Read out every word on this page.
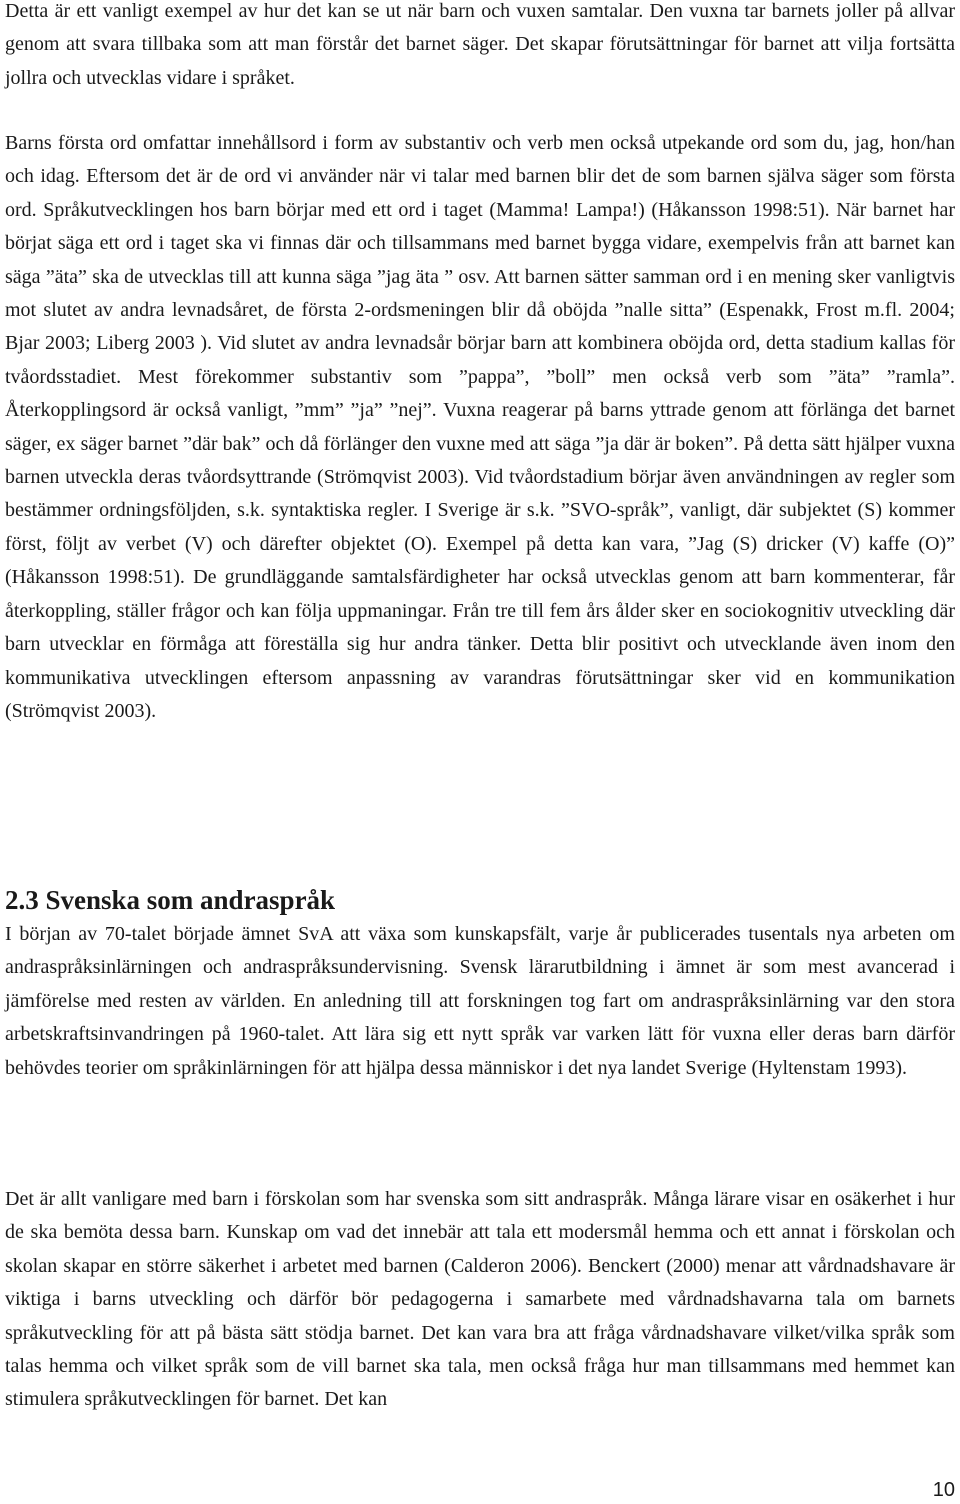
Detta är ett vanligt exempel av hur det kan se ut när barn och vuxen samtalar. Den vuxna tar barnets joller på allvar genom att svara tillbaka som att man förstår det barnet säger. Det skapar förutsättningar för barnet att vilja fortsätta jollra och utvecklas vidare i språket.

Barns första ord omfattar innehållsord i form av substantiv och verb men också utpekande ord som du, jag, hon/han och idag. Eftersom det är de ord vi använder när vi talar med barnen blir det de som barnen själva säger som första ord. Språkutvecklingen hos barn börjar med ett ord i taget (Mamma! Lampa!) (Håkansson 1998:51). När barnet har börjat säga ett ord i taget ska vi finnas där och tillsammans med barnet bygga vidare, exempelvis från att barnet kan säga ”äta” ska de utvecklas till att kunna säga ”jag äta ” osv. Att barnen sätter samman ord i en mening sker vanligtvis mot slutet av andra levnadsåret, de första 2-ordsmeningen blir då oböjda ”nalle sitta” (Espenakk, Frost m.fl. 2004; Bjar 2003; Liberg 2003 ). Vid slutet av andra levnadsår börjar barn att kombinera oböjda ord, detta stadium kallas för tvåordsstadiet. Mest förekommer substantiv som ”pappa”, ”boll” men också verb som ”äta” ”ramla”. Återkopplingsord är också vanligt, ”mm” ”ja” ”nej”. Vuxna reagerar på barns yttrade genom att förlänga det barnet säger, ex säger barnet ”där bak” och då förlänger den vuxne med att säga ”ja där är boken”. På detta sätt hjälper vuxna barnen utveckla deras tvåordsyttrande (Strömqvist 2003). Vid tvåordstadium börjar även användningen av regler som bestämmer ordningsföljden, s.k. syntaktiska regler. I Sverige är s.k. ”SVO-språk”, vanligt, där subjektet (S) kommer först, följt av verbet (V) och därefter objektet (O). Exempel på detta kan vara, ”Jag (S) dricker (V) kaffe (O)” (Håkansson 1998:51). De grundläggande samtalsfärdigheter har också utvecklas genom att barn kommenterar, får återkoppling, ställer frågor och kan följa uppmaningar. Från tre till fem års ålder sker en sociokognitiv utveckling där barn utvecklar en förmåga att föreställa sig hur andra tänker. Detta blir positivt och utvecklande även inom den kommunikativa utvecklingen eftersom anpassning av varandras förutsättningar sker vid en kommunikation (Strömqvist 2003).

2.3 Svenska som andraspråk

I början av 70-talet började ämnet SvA att växa som kunskapsfält, varje år publicerades tusentals nya arbeten om andraspråksinlärningen och andraspråksundervisning. Svensk lärarutbildning i ämnet är som mest avancerad i jämförelse med resten av världen. En anledning till att forskningen tog fart om andraspråksinlärning var den stora arbetskraftsinvandringen på 1960-talet. Att lära sig ett nytt språk var varken lätt för vuxna eller deras barn därför behövdes teorier om språkinlärningen för att hjälpa dessa människor i det nya landet Sverige (Hyltenstam 1993).

Det är allt vanligare med barn i förskolan som har svenska som sitt andraspråk. Många lärare visar en osäkerhet i hur de ska bemöta dessa barn. Kunskap om vad det innebär att tala ett modersmål hemma och ett annat i förskolan och skolan skapar en större säkerhet i arbetet med barnen (Calderon 2006). Benckert (2000) menar att vårdnadshavare är viktiga i barns utveckling och därför bör pedagogerna i samarbete med vårdnadshavarna tala om barnets språkutveckling för att på bästa sätt stödja barnet. Det kan vara bra att fråga vårdnadshavare vilket/vilka språk som talas hemma och vilket språk som de vill barnet ska tala, men också fråga hur man tillsammans med hemmet kan stimulera språkutvecklingen för barnet. Det kan

10
